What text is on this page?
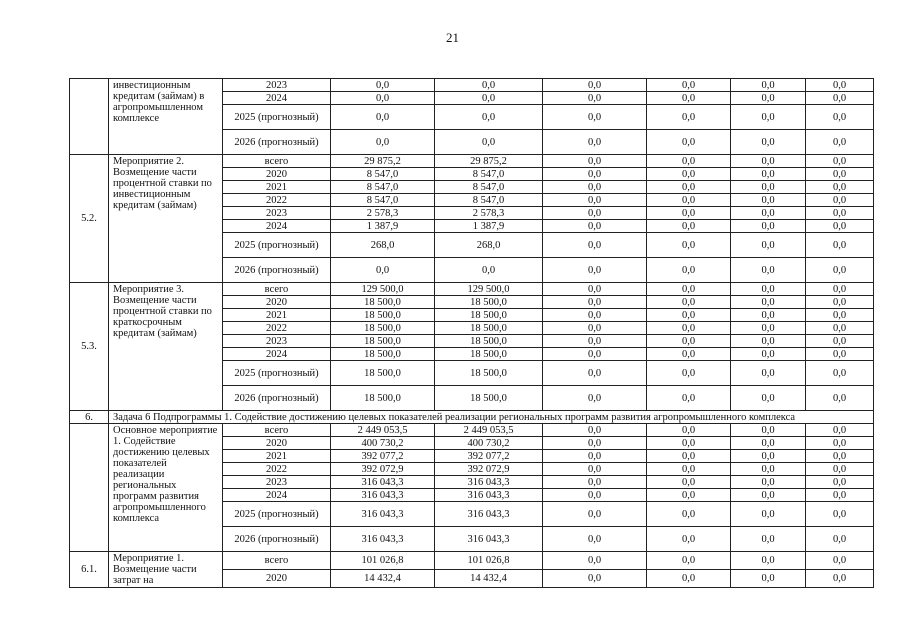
21
	инвестиционным кредитам (займам) в агропромышленном комплексе	2023	0,0	0,0	0,0	0,0	0,0	0,0
		2024	0,0	0,0	0,0	0,0	0,0	0,0
		2025 (прогнозный)	0,0	0,0	0,0	0,0	0,0	0,0
		2026 (прогнозный)	0,0	0,0	0,0	0,0	0,0	0,0
5.2.	Мероприятие 2. Возмещение части процентной ставки по инвестиционным кредитам (займам)	всего	29 875,2	29 875,2	0,0	0,0	0,0	0,0
		2020	8 547,0	8 547,0	0,0	0,0	0,0	0,0
		2021	8 547,0	8 547,0	0,0	0,0	0,0	0,0
		2022	8 547,0	8 547,0	0,0	0,0	0,0	0,0
		2023	2 578,3	2 578,3	0,0	0,0	0,0	0,0
		2024	1 387,9	1 387,9	0,0	0,0	0,0	0,0
		2025 (прогнозный)	268,0	268,0	0,0	0,0	0,0	0,0
		2026 (прогнозный)	0,0	0,0	0,0	0,0	0,0	0,0
5.3.	Мероприятие 3. Возмещение части процентной ставки по краткосрочным кредитам (займам)	всего	129 500,0	129 500,0	0,0	0,0	0,0	0,0
		2020	18 500,0	18 500,0	0,0	0,0	0,0	0,0
		2021	18 500,0	18 500,0	0,0	0,0	0,0	0,0
		2022	18 500,0	18 500,0	0,0	0,0	0,0	0,0
		2023	18 500,0	18 500,0	0,0	0,0	0,0	0,0
		2024	18 500,0	18 500,0	0,0	0,0	0,0	0,0
		2025 (прогнозный)	18 500,0	18 500,0	0,0	0,0	0,0	0,0
		2026 (прогнозный)	18 500,0	18 500,0	0,0	0,0	0,0	0,0
6.	Задача 6 Подпрограммы 1. Содействие достижению целевых показателей реализации региональных программ развития агропромышленного комплекса							
	Основное мероприятие 1. Содействие достижению целевых показателей реализации региональных программ развития агропромышленного комплекса	всего	2 449 053,5	2 449 053,5	0,0	0,0	0,0	0,0
		2020	400 730,2	400 730,2	0,0	0,0	0,0	0,0
		2021	392 077,2	392 077,2	0,0	0,0	0,0	0,0
		2022	392 072,9	392 072,9	0,0	0,0	0,0	0,0
		2023	316 043,3	316 043,3	0,0	0,0	0,0	0,0
		2024	316 043,3	316 043,3	0,0	0,0	0,0	0,0
		2025 (прогнозный)	316 043,3	316 043,3	0,0	0,0	0,0	0,0
		2026 (прогнозный)	316 043,3	316 043,3	0,0	0,0	0,0	0,0
6.1.	Мероприятие 1. Возмещение части затрат на	всего	101 026,8	101 026,8	0,0	0,0	0,0	0,0
		2020	14 432,4	14 432,4	0,0	0,0	0,0	0,0
